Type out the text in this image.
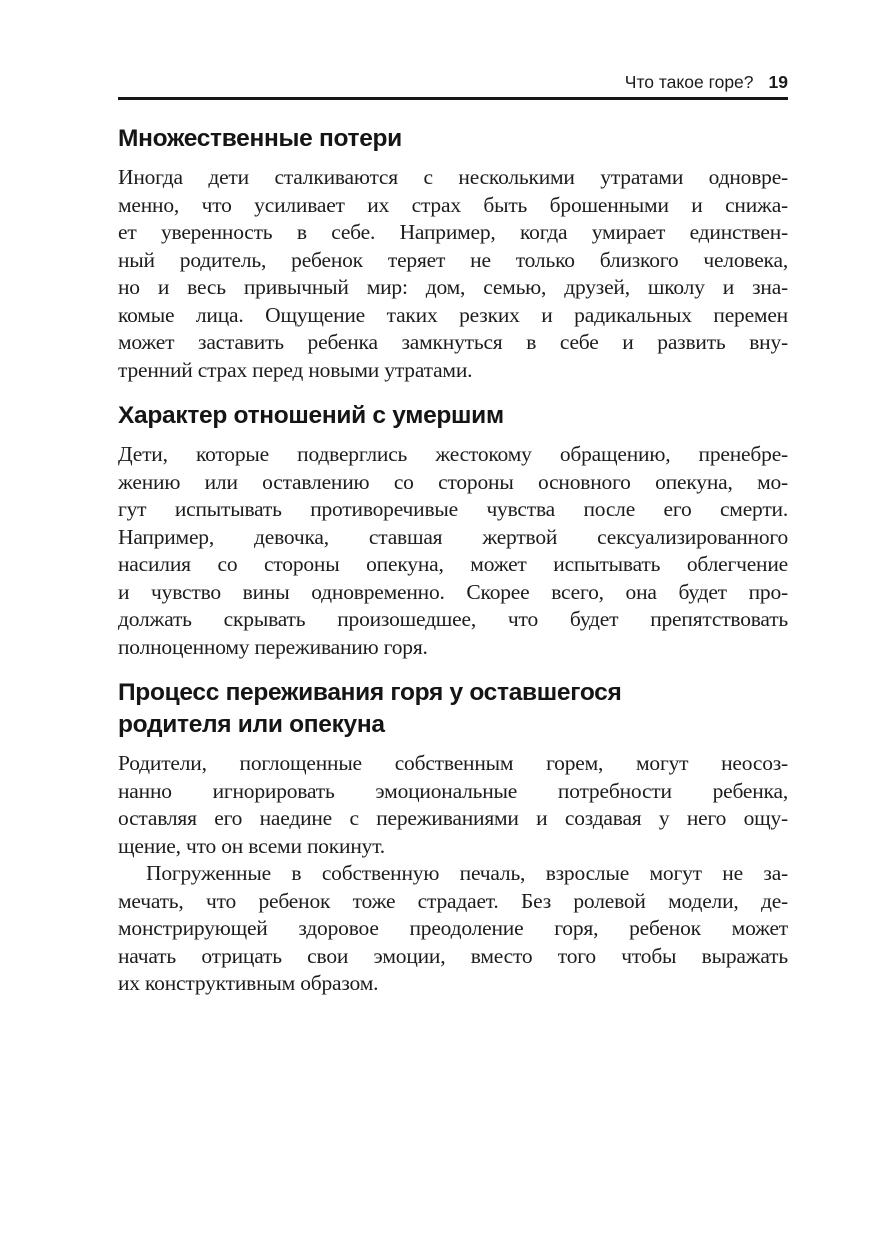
Что такое горе? 19
Множественные потери
Иногда дети сталкиваются с несколькими утратами одновре-
менно, что усиливает их страх быть брошенными и снижа-
ет уверенность в себе. Например, когда умирает единствен-
ный родитель, ребенок теряет не только близкого человека,
но и весь привычный мир: дом, семью, друзей, школу и зна-
комые лица. Ощущение таких резких и радикальных перемен
может заставить ребенка замкнуться в себе и развить вну-
тренний страх перед новыми утратами.
Характер отношений с умершим
Дети, которые подверглись жестокому обращению, пренебре-
жению или оставлению со стороны основного опекуна, мо-
гут испытывать противоречивые чувства после его смерти.
Например, девочка, ставшая жертвой сексуализированного
насилия со стороны опекуна, может испытывать облегчение
и чувство вины одновременно. Скорее всего, она будет про-
должать скрывать произошедшее, что будет препятствовать
полноценному переживанию горя.
Процесс переживания горя у оставшегося
родителя или опекуна
Родители, поглощенные собственным горем, могут неосоз-
нанно игнорировать эмоциональные потребности ребенка,
оставляя его наедине с переживаниями и создавая у него ощу-
щение, что он всеми покинут.
Погруженные в собственную печаль, взрослые могут не за-
мечать, что ребенок тоже страдает. Без ролевой модели, де-
монстрирующей здоровое преодоление горя, ребенок может
начать отрицать свои эмоции, вместо того чтобы выражать
их конструктивным образом.
